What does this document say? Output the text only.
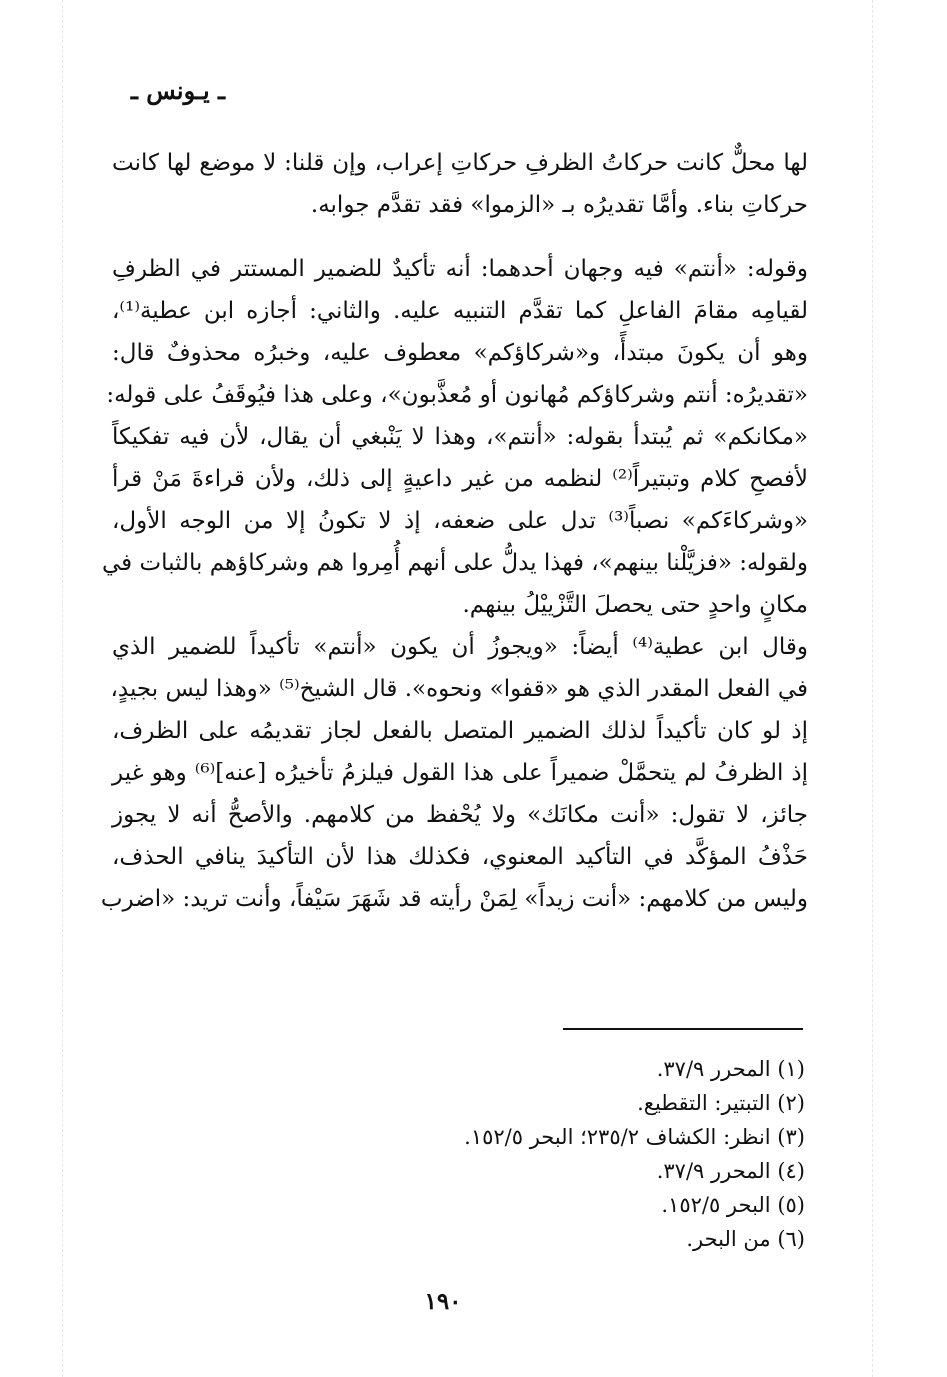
ـ يـونس ـ
لها محلٌّ كانت حركاتُ الظرفِ حركاتِ إعراب، وإن قلنا: لا موضع لها كانت
حركاتِ بناء. وأمَّا تقديرُه بـ «الزموا» فقد تقدَّم جوابه.
وقوله: «أنتم» فيه وجهان أحدهما: أنه تأكيدٌ للضمير المستتر في الظرفِ
لقيامِه مقامَ الفاعلِ كما تقدَّم التنبيه عليه. والثاني: أجازه ابن عطية⁽¹⁾،
وهو أن يكونَ مبتدأً، و«شركاؤكم» معطوف عليه، وخبرُه محذوفٌ قال:
«تقديرُه: أنتم وشركاؤكم مُهانون أو مُعذَّبون»، وعلى هذا فيُوقَفُ على قوله:
«مكانكم» ثم يُبتدأ بقوله: «أنتم»، وهذا لا يَنْبغي أن يقال، لأن فيه تفكيكاً
لأفصحِ كلام وتبتيراً⁽²⁾ لنظمه من غير داعيةٍ إلى ذلك، ولأن قراءةَ مَنْ قرأ
«وشركاءَكم» نصباً⁽³⁾ تدل على ضعفه، إذ لا تكونُ إلا من الوجه الأول،
ولقوله: «فزيَّلْنا بينهم»، فهذا يدلُّ على أنهم أُمِروا هم وشركاؤهم بالثبات في
مكانٍ واحدٍ حتى يحصلَ التَّزْييْلُ بينهم.
وقال ابن عطية⁽⁴⁾ أيضاً: «ويجوزُ أن يكون «أنتم» تأكيداً للضمير الذي
في الفعل المقدر الذي هو «قفوا» ونحوه». قال الشيخ⁽⁵⁾ «وهذا ليس بجيدٍ،
إذ لو كان تأكيداً لذلك الضمير المتصل بالفعل لجاز تقديمُه على الظرف،
إذ الظرفُ لم يتحمَّلْ ضميراً على هذا القول فيلزمُ تأخيرُه [عنه]⁽⁶⁾ وهو غير
جائز، لا تقول: «أنت مكانَك» ولا يُحْفظ من كلامهم. والأصحُّ أنه لا يجوز
حَذْفُ المؤكَّد في التأكيد المعنوي، فكذلك هذا لأن التأكيدَ ينافي الحذف،
وليس من كلامهم: «أنت زيداً» لِمَنْ رأيته قد شَهَرَ سَيْفاً، وأنت تريد: «اضرب
(١) المحرر ٣٧/٩.
(٢) التبتير: التقطيع.
(٣) انظر: الكشاف ٢٣٥/٢؛ البحر ١٥٢/٥.
(٤) المحرر ٣٧/٩.
(٥) البحر ١٥٢/٥.
(٦) من البحر.
١٩٠
